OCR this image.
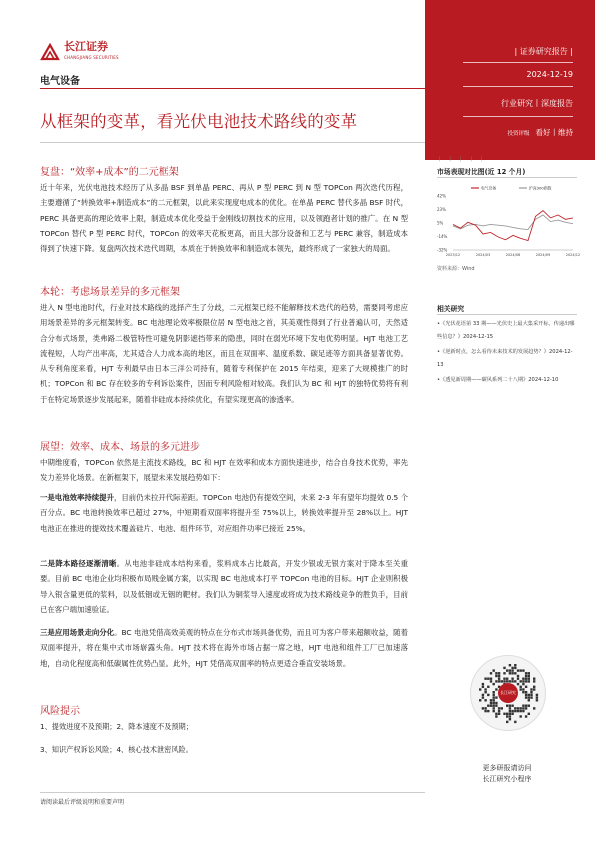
长江证券
CHANGJIANG SECURITIES
电气设备
从框架的变革，看光伏电池技术路线的变革
| 证券研究报告 |
2024-12-19
行业研究丨深度报告
投资评级 看好丨维持
复盘：“效率+成本”的二元框架

近十年来，光伏电池技术经历了从多晶 BSF 到单晶 PERC、再从 P 型 PERC 到 N 型 TOPCon 两次迭代历程，主要遵循了“转换效率+制造成本”的二元框架，以此来实现度电成本的优化。在单晶 PERC 替代多晶 BSF 时代，PERC 具备更高的理论效率上限，制造成本优化受益于金刚线切割技术的应用，以及领跑者计划的推广。在 N 型 TOPCon 替代 P 型 PERC 时代，TOPCon 的效率天花板更高，而且大部分设备和工艺与 PERC 兼容，制造成本得到了快速下降。复盘两次技术迭代周期，本质在于转换效率和制造成本领先，最终形成了一家独大的局面。

本轮：考虑场景差异的多元框架

进入 N 型电池时代，行业对技术路线的选择产生了分歧，二元框架已经不能解释技术迭代的趋势，需要同考虑应用场景差异的多元框架转变。BC 电池理论效率极限位居 N 型电池之首，其美观性得到了行业普遍认可，天然适合分布式场景，类弗路二极管特性可避免阴影遮挡带来的隐患，同时在弱光环境下发电优势明显。HJT 电池工艺流程短，人均产出率高，尤其适合人力成本高的地区，而且在双面率、温度系数、碳足迹等方面具备显著优势。从专利角度来看，HJT 专利最早由日本三洋公司持有，随着专利保护在 2015 年结束，迎来了大规模推广的时机；TOPCon 和 BC 存在较多的专利诉讼案件，因而专利风险相对较高。我们认为 BC 和 HJT 的独特优势将有利于在特定场景逐步发展起来，随着非硅成本持续优化，有望实现更高的渗透率。

展望：效率、成本、场景的多元进步

中期维度看，TOPCon 依然是主流技术路线，BC 和 HJT 在效率和成本方面快速进步，结合自身技术优势，率先发力差异化场景。在新框架下，展望未来发展趋势如下：

一是电池效率持续提升，目前仍未拉开代际差距。TOPCon 电池仍有提效空间，未来 2-3 年有望年均提效 0.5 个百分点。BC 电池转换效率已超过 27%，中短期看双面率将提升至 75%以上，转换效率提升至 28%以上。HJT 电池正在推进的提效技术覆盖硅片、电池、组件环节，对应组件功率已接近 25%。

二是降本路径逐渐清晰。从电池非硅成本结构来看，浆料成本占比最高，开发少银或无银方案对于降本至关重要。目前 BC 电池企业均积极布局贱金属方案，以实现 BC 电池成本打平 TOPCon 电池的目标。HJT 企业则积极导入银含量更低的浆料，以及低铟或无铟的靶材。我们认为铜浆导入速度或将成为技术路线竞争的胜负手，目前已在客户端加速验证。

三是应用场景走向分化。BC 电池凭借高效美观的特点在分布式市场具备优势，而且可为客户带来超额收益，随着双面率提升，将在集中式市场崭露头角。HJT 技术将在海外市场占据一席之地，HJT 电池和组件工厂已加速落地，自动化程度高和低碳属性优势凸显。此外，HJT 凭借高双面率的特点更适合垂直安装场景。

风险提示
1、提效进度不及预期；2、降本速度不及预期；
3、知识产权诉讼风险；4、核心技术泄密风险。
请阅读最后评级说明和重要声明
丨 丨 丨 丨 丨
市场表现对比图(近 12 个月)
42%
23%
5%
-14%
-32%
2023/12	2024/03	2024/06	2024/09	2024/12
电气设备	沪深300指数
资料来源：Wind
相关研究
•《光伏花语第 33 期——光伏史上最大集采开标，传递出哪些信息？》2024-12-15
•《逆新时点，怎么看待未来技术的发展趋势？》2024-12-13
•《透见新周期——碳风系列二十八期》2024-12-10
长江研究
更多研报请访问
长江研究小程序
